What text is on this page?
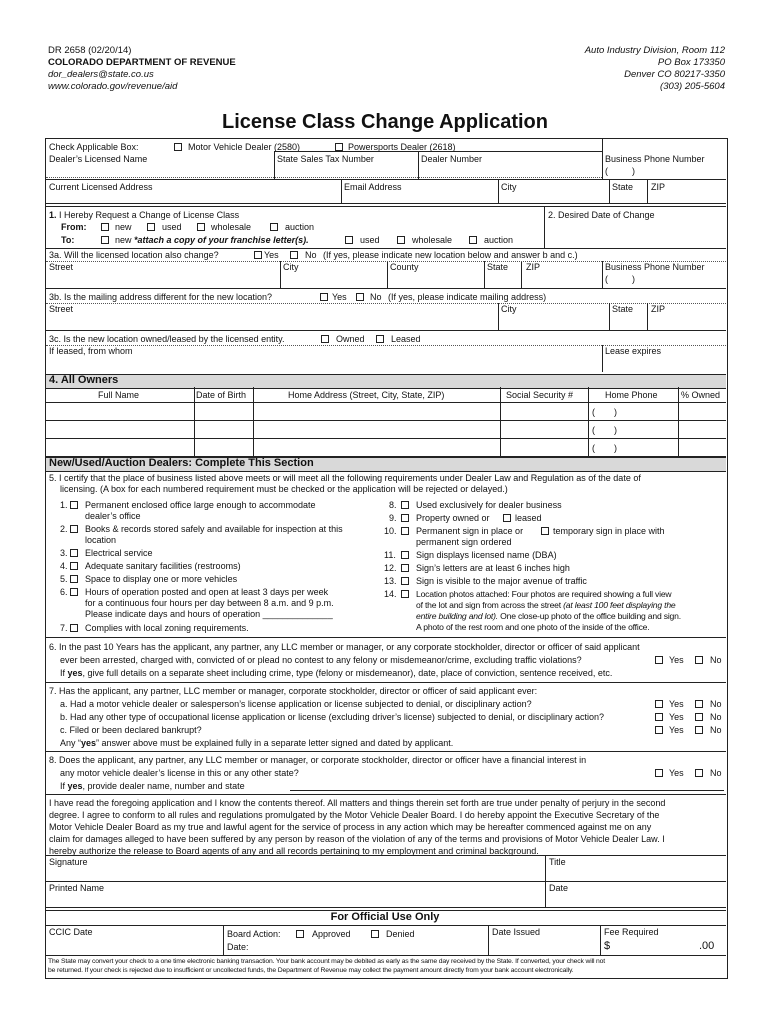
DR 2658 (02/20/14)
COLORADO DEPARTMENT OF REVENUE
dor_dealers@state.co.us
www.colorado.gov/revenue/aid
Auto Industry Division, Room 112
PO Box 173350
Denver CO 80217-3350
(303) 205-5604
License Class Change Application
Check Applicable Box:	Motor Vehicle Dealer (2580)	Powersports Dealer (2618)
Dealer’s Licensed Name	State Sales Tax Number	Dealer Number	Business Phone Number
(	)
Current Licensed Address	Email Address	City	State ZIP
1. I Hereby Request a Change of License Class
From:	new	used	wholesale	auction
To:	new *attach a copy of your franchise letter(s).	used	wholesale	auction
2. Desired Date of Change
3a. Will the licensed location also change?	Yes	No (If yes, please indicate new location below and answer b and c.)
Street	City	County	State ZIP	Business Phone Number
(	)
3b. Is the mailing address different for the new location?	Yes	No (If yes, please indicate mailing address)
Street	City	State ZIP
3c. Is the new location owned/leased by the licensed entity.	Owned	Leased
If leased, from whom	Lease expires
4. All Owners
Full Name	Date of Birth	Home Address (Street, City, State, ZIP)	Social Security #	Home Phone	% Owned
( )
( )
( )
New/Used/Auction Dealers: Complete This Section
5. I certify that the place of business listed above meets or will meet all the following requirements under Dealer Law and Regulation as of the date of
licensing. (A box for each numbered requirement must be checked or the application will be rejected or delayed.)
1. Permanent enclosed office large enough to accommodate
dealer’s office
2. Books & records stored safely and available for inspection at this
location
3. Electrical service
4. Adequate sanitary facilities (restrooms)
5. Space to display one or more vehicles
6. Hours of operation posted and open at least 3 days per week
for a continuous four hours per day between 8 a.m. and 9 p.m.
Please indicate days and hours of operation ______________
7. Complies with local zoning requirements.
8. Used exclusively for dealer business
9. Property owned or	leased
10. Permanent sign in place or	temporary sign in place with
permanent sign ordered
11. Sign displays licensed name (DBA)
12. Sign’s letters are at least 6 inches high
13. Sign is visible to the major avenue of traffic
14. Location photos attached: Four photos are required showing a full view
of the lot and sign from across the street (at least 100 feet displaying the
entire building and lot). One close-up photo of the office building and sign.
A photo of the rest room and one photo of the inside of the office.
6. In the past 10 Years has the applicant, any partner, any LLC member or manager, or any corporate stockholder, director or officer of said applicant
ever been arrested, charged with, convicted of or plead no contest to any felony or misdemeanor/crime, excluding traffic violations?	Yes	No
If yes, give full details on a separate sheet including crime, type (felony or misdemeanor), date, place of conviction, sentence received, etc.
7. Has the applicant, any partner, LLC member or manager, corporate stockholder, director or officer of said applicant ever:
a. Had a motor vehicle dealer or salesperson’s license application or license subjected to denial, or disciplinary action?	Yes	No
b. Had any other type of occupational license application or license (excluding driver’s license) subjected to denial, or disciplinary action?	Yes	No
c. Filed or been declared bankrupt?	Yes	No
Any “yes” answer above must be explained fully in a separate letter signed and dated by applicant.
8. Does the applicant, any partner, any LLC member or manager, or corporate stockholder, director or officer have a financial interest in
any motor vehicle dealer’s license in this or any other state?	Yes	No
If yes, provide dealer name, number and state
I have read the foregoing application and I know the contents thereof. All matters and things therein set forth are true under penalty of perjury in the second
degree. I agree to conform to all rules and regulations promulgated by the Motor Vehicle Dealer Board. I do hereby appoint the Executive Secretary of the
Motor Vehicle Dealer Board as my true and lawful agent for the service of process in any action which may be hereafter commenced against me on any
claim for damages alleged to have been suffered by any person by reason of the violation of any of the terms and provisions of Motor Vehicle Dealer Law. I
hereby authorize the release to Board agents of any and all records pertaining to my employment and criminal background.
Signature	Title
Printed Name	Date
For Official Use Only
CCIC Date	Board Action:	Approved	Denied
Date:
Date Issued	Fee Required
$	.00
The State may convert your check to a one time electronic banking transaction. Your bank account may be debited as early as the same day received by the State. If converted, your check will not
be returned. If your check is rejected due to insufficient or uncollected funds, the Department of Revenue may collect the payment amount directly from your bank account electronically.
